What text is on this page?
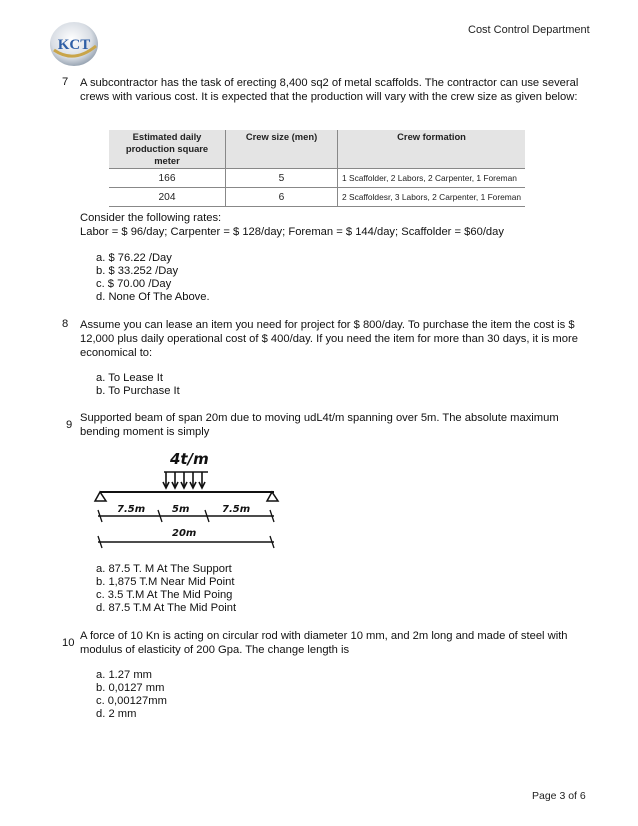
KCT
Cost Control Department
7 A subcontractor has the task of erecting 8,400 sq2 of metal scaffolds. The contractor can use several
crews with various cost. It is expected that the production will vary with the crew size as given below:
Estimated daily production square meter	Crew size (men)	Crew formation
166	5	1 Scaffolder, 2 Labors, 2 Carpenter, 1 Foreman
204	6	2 Scaffoldesr, 3 Labors, 2 Carpenter, 1 Foreman
Consider the following rates:
Labor = $ 96/day; Carpenter = $ 128/day; Foreman = $ 144/day; Scaffolder = $60/day
a. $ 76.22 /Day
b. $ 33.252 /Day
c. $ 70.00 /Day
d. None Of The Above.
8 Assume you can lease an item you need for project for $ 800/day. To purchase the item the cost is $
12,000 plus daily operational cost of $ 400/day. If you need the item for more than 30 days, it is more
economical to:
a. To Lease It
b. To Purchase It
9
Supported beam of span 20m due to moving udL4t/m spanning over 5m. The absolute maximum
bending moment is simply
4t/m
7.5m	5m	7.5m
20m
a. 87.5 T. M At The Support
b. 1,875 T.M Near Mid Point
c. 3.5 T.M At The Mid Poing
d. 87.5 T.M At The Mid Point
10
A force of 10 Kn is acting on circular rod with diameter 10 mm, and 2m long and made of steel with
modulus of elasticity of 200 Gpa. The change length is
a. 1.27 mm
b. 0,0127 mm
c. 0,00127mm
d. 2 mm
Page 3 of 6
